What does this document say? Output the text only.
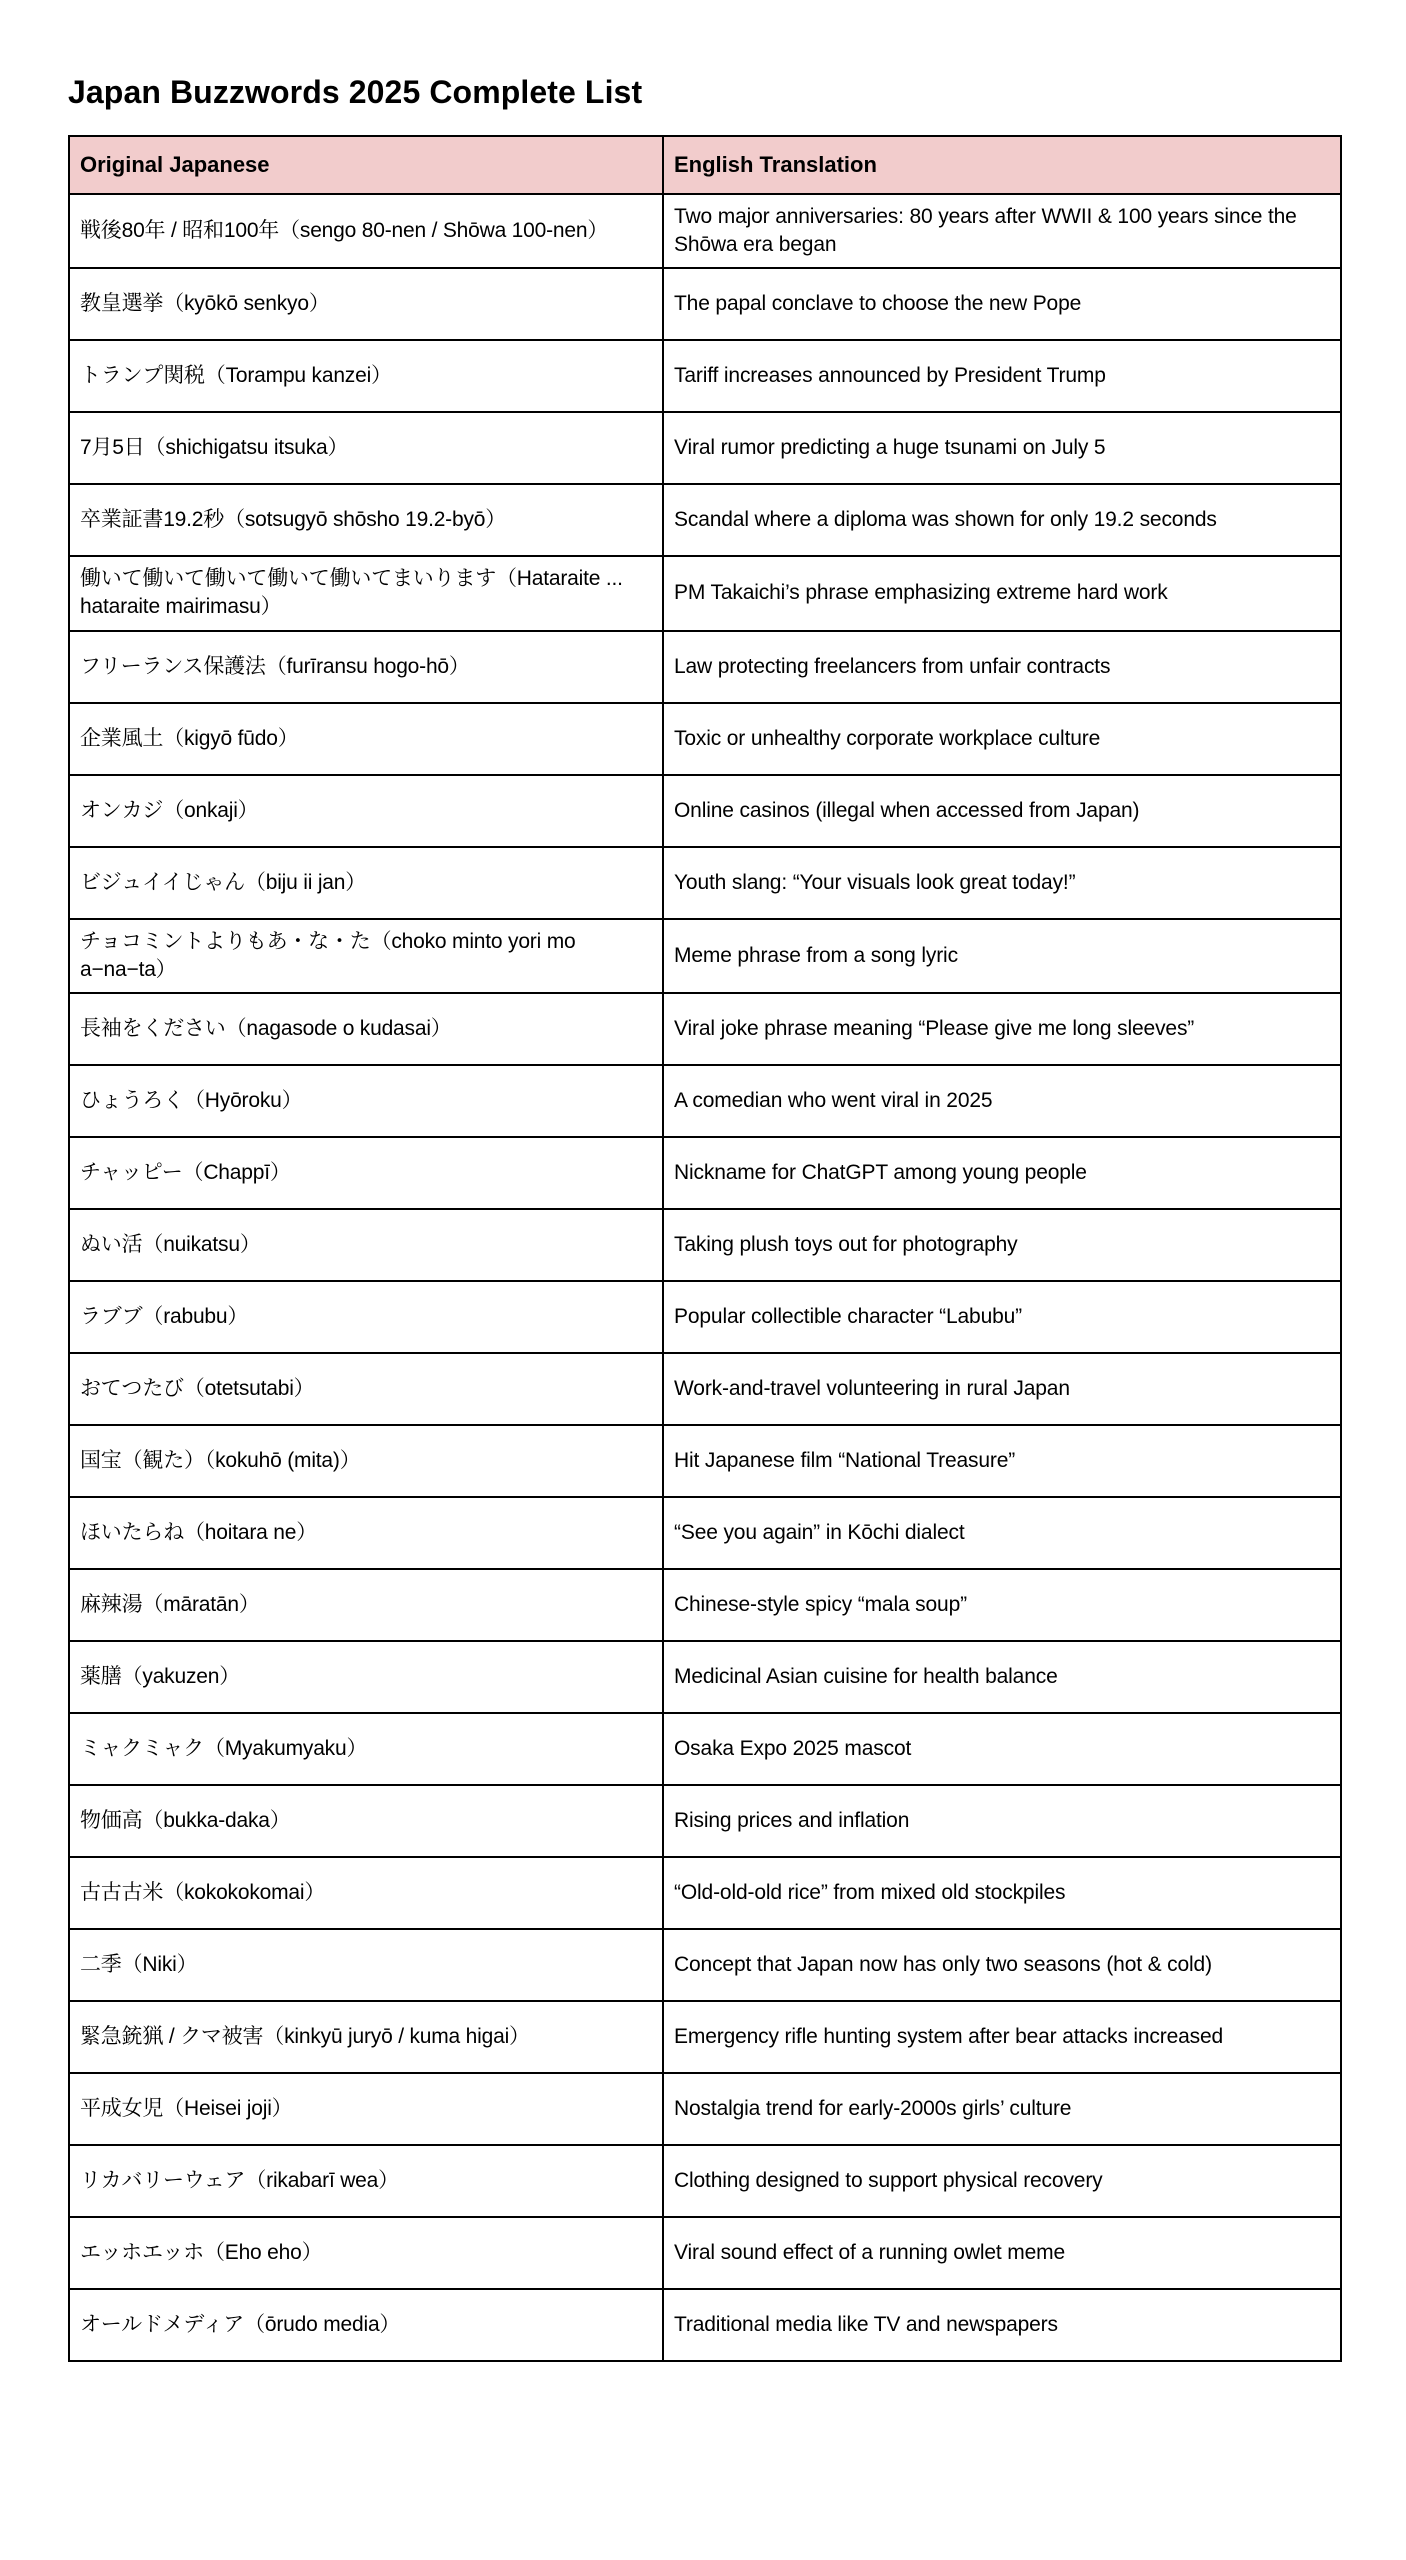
Japan Buzzwords 2025 Complete List
Original Japanese	English Translation
戦後80年 / 昭和100年（sengo 80-nen / Shōwa 100-nen）	Two major anniversaries: 80 years after WWII & 100 years since the Shōwa era began
教皇選挙（kyōkō senkyo）	The papal conclave to choose the new Pope
トランプ関税（Torampu kanzei）	Tariff increases announced by President Trump
7月5日（shichigatsu itsuka）	Viral rumor predicting a huge tsunami on July 5
卒業証書19.2秒（sotsugyō shōsho 19.2-byō）	Scandal where a diploma was shown for only 19.2 seconds
働いて働いて働いて働いて働いてまいります（Hataraite ... hataraite mairimasu）	PM Takaichi’s phrase emphasizing extreme hard work
フリーランス保護法（furīransu hogo-hō）	Law protecting freelancers from unfair contracts
企業風土（kigyō fūdo）	Toxic or unhealthy corporate workplace culture
オンカジ（onkaji）	Online casinos (illegal when accessed from Japan)
ビジュイイじゃん（biju ii jan）	Youth slang: “Your visuals look great today!”
チョコミントよりもあ・な・た（choko minto yori mo a−na−ta）	Meme phrase from a song lyric
長袖をください（nagasode o kudasai）	Viral joke phrase meaning “Please give me long sleeves”
ひょうろく（Hyōroku）	A comedian who went viral in 2025
チャッピー（Chappī）	Nickname for ChatGPT among young people
ぬい活（nuikatsu）	Taking plush toys out for photography
ラブブ（rabubu）	Popular collectible character “Labubu”
おてつたび（otetsutabi）	Work-and-travel volunteering in rural Japan
国宝（観た）（kokuhō (mita)）	Hit Japanese film “National Treasure”
ほいたらね（hoitara ne）	“See you again” in Kōchi dialect
麻辣湯（māratān）	Chinese-style spicy “mala soup”
薬膳（yakuzen）	Medicinal Asian cuisine for health balance
ミャクミャク（Myakumyaku）	Osaka Expo 2025 mascot
物価高（bukka-daka）	Rising prices and inflation
古古古米（kokokokomai）	“Old-old-old rice” from mixed old stockpiles
二季（Niki）	Concept that Japan now has only two seasons (hot & cold)
緊急銃猟 / クマ被害（kinkyū juryō / kuma higai）	Emergency rifle hunting system after bear attacks increased
平成女児（Heisei joji）	Nostalgia trend for early-2000s girls’ culture
リカバリーウェア（rikabarī wea）	Clothing designed to support physical recovery
エッホエッホ（Eho eho）	Viral sound effect of a running owlet meme
オールドメディア（ōrudo media）	Traditional media like TV and newspapers
